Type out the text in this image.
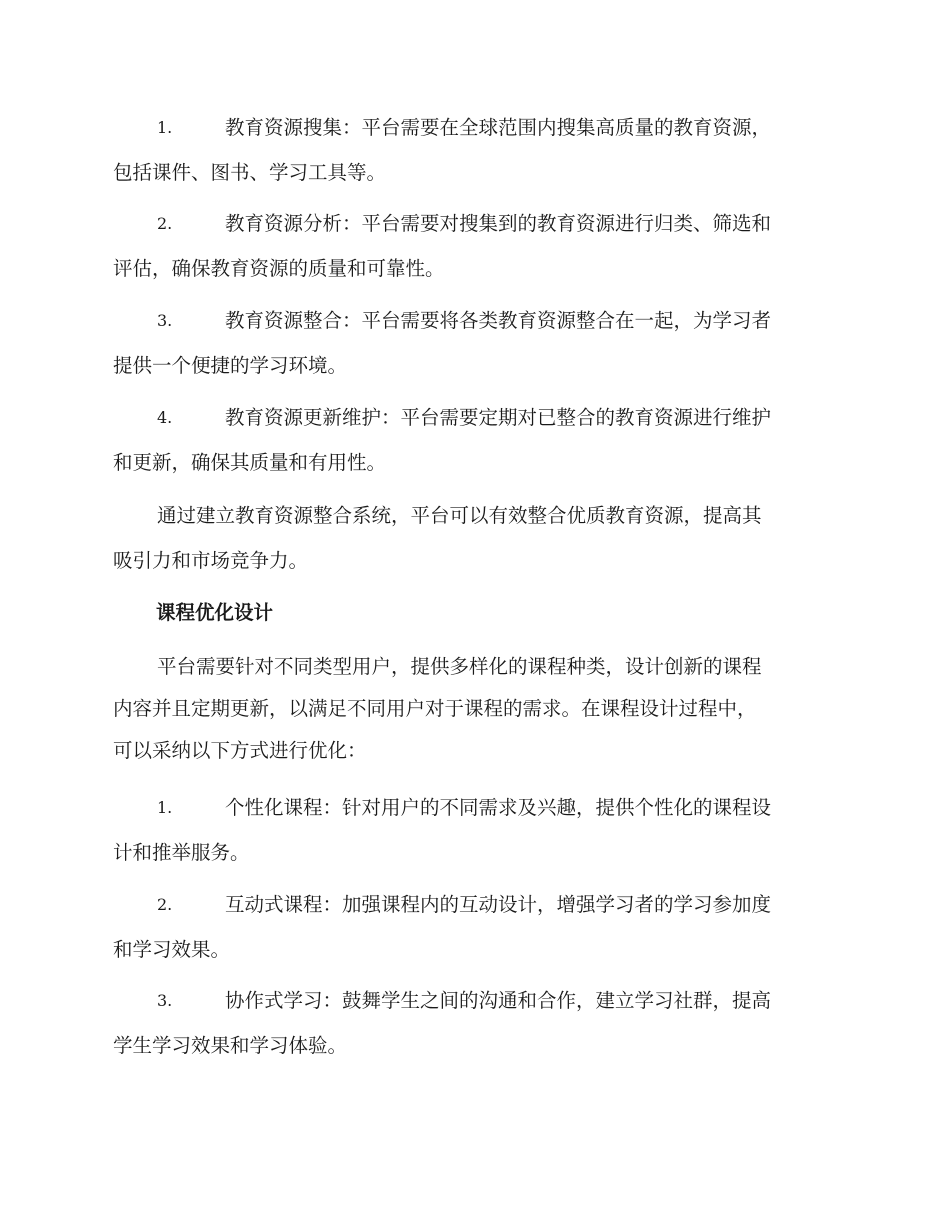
1.	教育资源搜集：平台需要在全球范围内搜集高质量的教育资源，
包括课件、图书、学习工具等。
2.	教育资源分析：平台需要对搜集到的教育资源进行归类、筛选和
评估，确保教育资源的质量和可靠性。
3.	教育资源整合：平台需要将各类教育资源整合在一起，为学习者
提供一个便捷的学习环境。
4.	教育资源更新维护：平台需要定期对已整合的教育资源进行维护
和更新，确保其质量和有用性。
通过建立教育资源整合系统，平台可以有效整合优质教育资源，提高其
吸引力和市场竞争力。
课程优化设计
平台需要针对不同类型用户，提供多样化的课程种类，设计创新的课程
内容并且定期更新，以满足不同用户对于课程的需求。在课程设计过程中，
可以采纳以下方式进行优化：
1.	个性化课程：针对用户的不同需求及兴趣，提供个性化的课程设
计和推举服务。
2.	互动式课程：加强课程内的互动设计，增强学习者的学习参加度
和学习效果。
3.	协作式学习：鼓舞学生之间的沟通和合作，建立学习社群，提高
学生学习效果和学习体验。
